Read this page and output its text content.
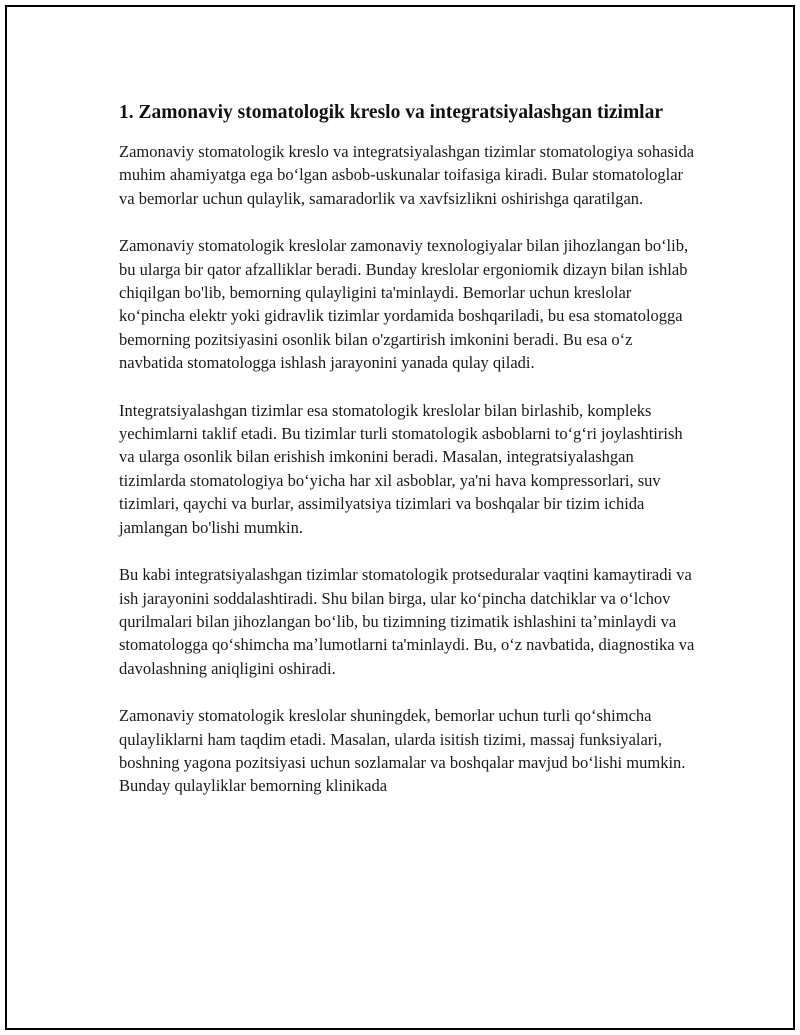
1. Zamonaviy stomatologik kreslo va integratsiyalashgan tizimlar

Zamonaviy stomatologik kreslo va integratsiyalashgan tizimlar stomatologiya sohasida muhim ahamiyatga ega boʻlgan asbob-uskunalar toifasiga kiradi. Bular stomatologlar va bemorlar uchun qulaylik, samaradorlik va xavfsizlikni oshirishga qaratilgan.

Zamonaviy stomatologik kreslolar zamonaviy texnologiyalar bilan jihozlangan boʻlib, bu ularga bir qator afzalliklar beradi. Bunday kreslolar ergoniomik dizayn bilan ishlab chiqilgan bo'lib, bemorning qulayligini ta'minlaydi. Bemorlar uchun kreslolar koʻpincha elektr yoki gidravlik tizimlar yordamida boshqariladi, bu esa stomatologga bemorning pozitsiyasini osonlik bilan o'zgartirish imkonini beradi. Bu esa oʻz navbatida stomatologga ishlash jarayonini yanada qulay qiladi.

Integratsiyalashgan tizimlar esa stomatologik kreslolar bilan birlashib, kompleks yechimlarni taklif etadi. Bu tizimlar turli stomatologik asboblarni toʻgʻri joylashtirish va ularga osonlik bilan erishish imkonini beradi. Masalan, integratsiyalashgan tizimlarda stomatologiya boʻyicha har xil asboblar, ya'ni hava kompressorlari, suv tizimlari, qaychi va burlar, assimilyatsiya tizimlari va boshqalar bir tizim ichida jamlangan bo'lishi mumkin.

Bu kabi integratsiyalashgan tizimlar stomatologik protseduralar vaqtini kamaytiradi va ish jarayonini soddalashtiradi. Shu bilan birga, ular koʻpincha datchiklar va oʻlchov qurilmalari bilan jihozlangan boʻlib, bu tizimning tizimatik ishlashini taʼminlaydi va stomatologga qoʻshimcha maʼlumotlarni ta'minlaydi. Bu, oʻz navbatida, diagnostika va davolashning aniqligini oshiradi.

Zamonaviy stomatologik kreslolar shuningdek, bemorlar uchun turli qoʻshimcha qulayliklarni ham taqdim etadi. Masalan, ularda isitish tizimi, massaj funksiyalari, boshning yagona pozitsiyasi uchun sozlamalar va boshqalar mavjud boʻlishi mumkin. Bunday qulayliklar bemorning klinikada
